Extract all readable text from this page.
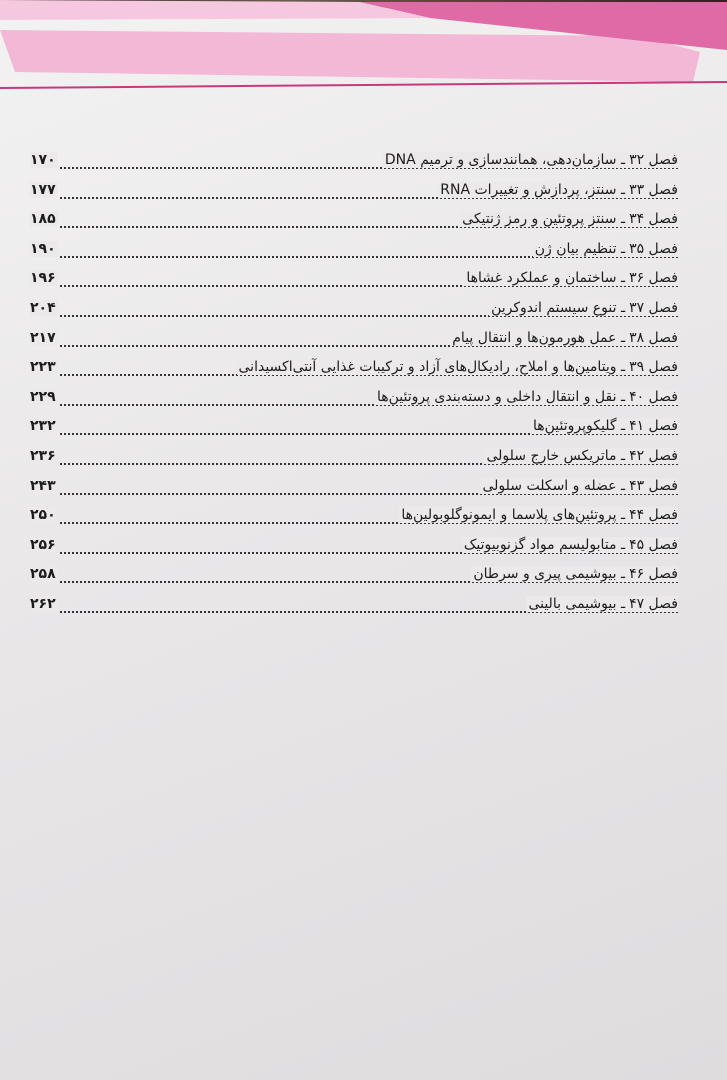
فصل ۳۲ـ سازمان‌دهی، همانندسازی و ترمیم DNA
۱۷۰
فصل ۳۳ـ سنتز، پردازش و تغییرات RNA
۱۷۷
فصل ۳۴ـ سنتز پروتئین و رمز ژنتیکی
۱۸۵
فصل ۳۵ـ تنظیم بیان ژن
۱۹۰
فصل ۳۶ـ ساختمان و عملکرد غشاها
۱۹۶
فصل ۳۷ـ تنوع سیستم اندوکرین
۲۰۴
فصل ۳۸ـ عمل هورمون‌ها و انتقال پیام
۲۱۷
فصل ۳۹ـ ویتامین‌ها و املاح، رادیکال‌های آزاد و ترکیبات غذایی آنتی‌اکسیدانی
۲۲۳
فصل ۴۰ـ نقل و انتقال داخلی و دسته‌بندی پروتئین‌ها
۲۲۹
فصل ۴۱ـ گلیکوپروتئین‌ها
۲۳۲
فصل ۴۲ـ ماتریکس خارج سلولی
۲۳۶
فصل ۴۳ـ عضله و اسکلت سلولی
۲۴۳
فصل ۴۴ـ پروتئین‌های پلاسما و ایمونوگلوبولین‌ها
۲۵۰
فصل ۴۵ـ متابولیسم مواد گزنوبیوتیک
۲۵۶
فصل ۴۶ـ بیوشیمی پیری و سرطان
۲۵۸
فصل ۴۷ـ بیوشیمی بالینی
۲۶۲
